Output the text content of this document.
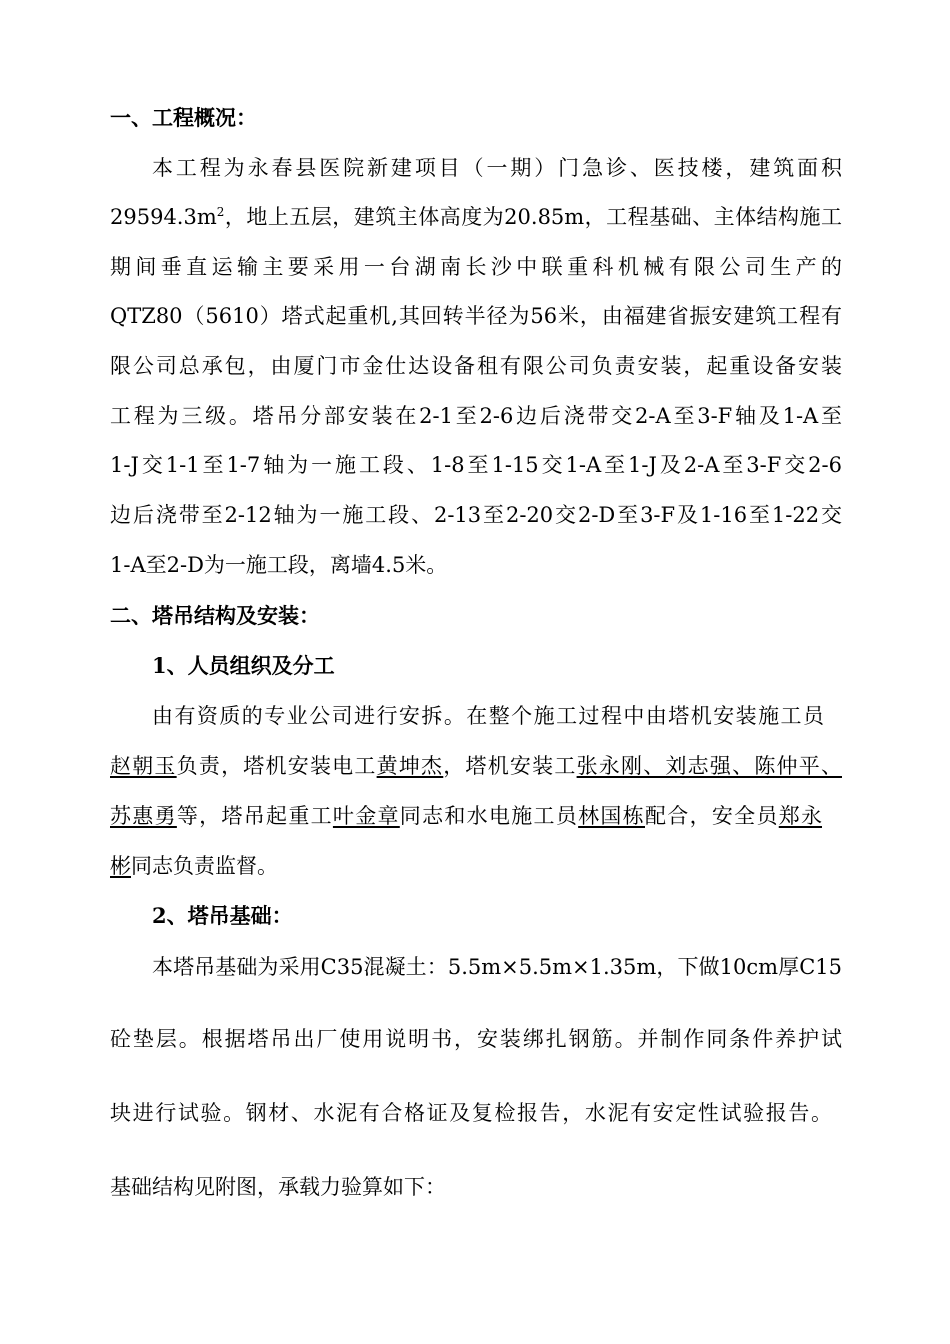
一、工程概况：
本工程为永春县医院新建项目（一期）门急诊、医技楼，建筑面积
$29594.3m^2$，地上五层，建筑主体高度为20.85m，工程基础、主体结构施工
期间垂直运输主要采用一台湖南长沙中联重科机械有限公司生产的
QTZ80（5610）塔式起重机,其回转半径为56米，由福建省振安建筑工程有
限公司总承包，由厦门市金仕达设备租有限公司负责安装，起重设备安装
工程为三级。塔吊分部安装在2-1至2-6边后浇带交2-A至3-F轴及1-A至
1-J交1-1至1-7轴为一施工段、1-8至1-15交1-A至1-J及2-A至3-F交2-6
边后浇带至2-12轴为一施工段、2-13至2-20交2-D至3-F及1-16至1-22交
1-A至2-D为一施工段，离墙4.5米。
二、塔吊结构及安装：
1、人员组织及分工
由有资质的专业公司进行安拆。在整个施工过程中由塔机安装施工员
赵朝玉负责，塔机安装电工黄坤杰，塔机安装工张永刚、刘志强、陈仲平、
苏惠勇等，塔吊起重工叶金章同志和水电施工员林国栋配合，安全员郑永
彬同志负责监督。
2、塔吊基础：
本塔吊基础为采用C35混凝土：5.5m×5.5m×1.35m，下做10cm厚C15
砼垫层。根据塔吊出厂使用说明书，安装绑扎钢筋。并制作同条件养护试
块进行试验。钢材、水泥有合格证及复检报告，水泥有安定性试验报告。
基础结构见附图，承载力验算如下：
